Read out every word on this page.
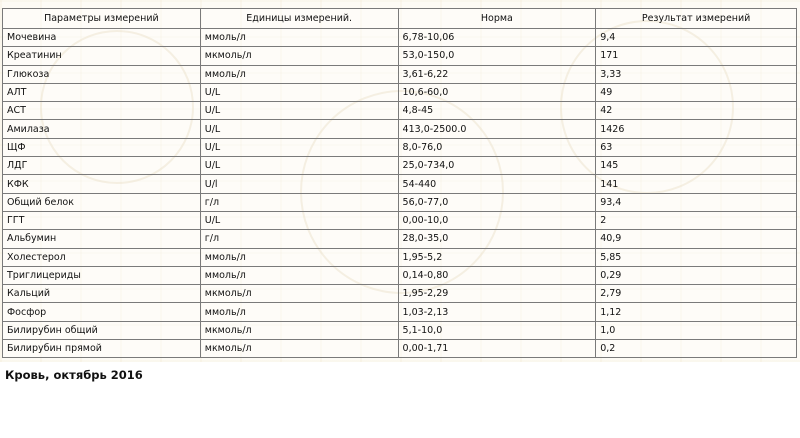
Параметры измерений	Единицы измерений.	Норма	Результат измерений
Мочевина	ммоль/л	6,78-10,06	9,4
Креатинин	мкмоль/л	53,0-150,0	171
Глюкоза	ммоль/л	3,61-6,22	3,33
АЛТ	U/L	10,6-60,0	49
АСТ	U/L	4,8-45	42
Амилаза	U/L	413,0-2500.0	1426
ЩФ	U/L	8,0-76,0	63
ЛДГ	U/L	25,0-734,0	145
КФК	U/l	54-440	141
Общий белок	г/л	56,0-77,0	93,4
ГГТ	U/L	0,00-10,0	2
Альбумин	г/л	28,0-35,0	40,9
Холестерол	ммоль/л	1,95-5,2	5,85
Триглицериды	ммоль/л	0,14-0,80	0,29
Кальций	мкмоль/л	1,95-2,29	2,79
Фосфор	ммоль/л	1,03-2,13	1,12
Билирубин общий	мкмоль/л	5,1-10,0	1,0
Билирубин прямой	мкмоль/л	0,00-1,71	0,2
Кровь, октябрь 2016
